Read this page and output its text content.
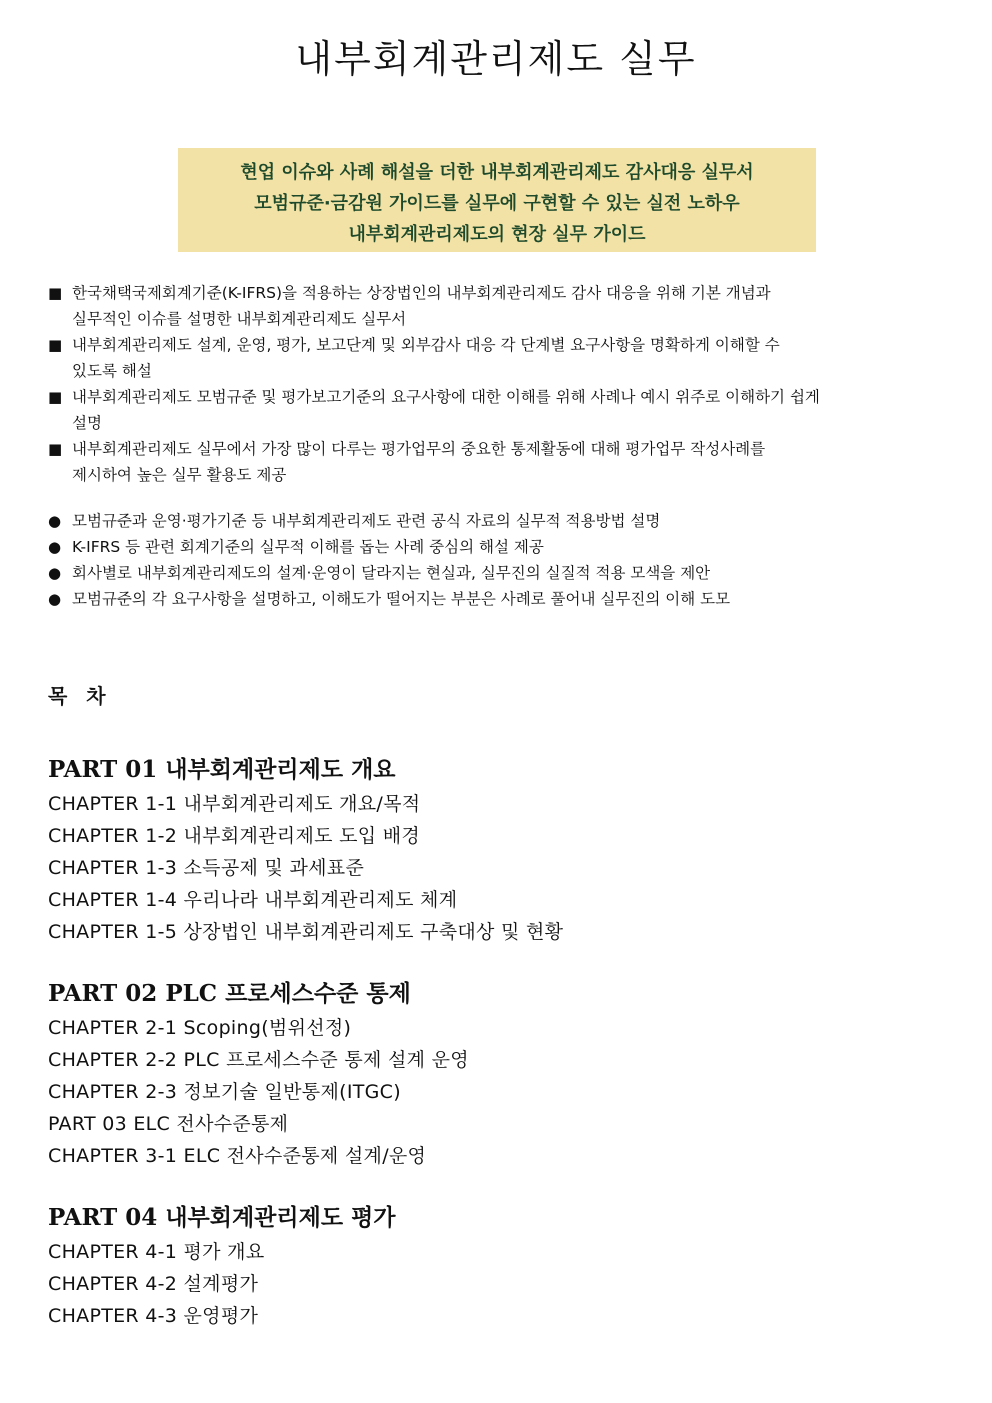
내부회계관리제도 실무
현업 이슈와 사례 해설을 더한 내부회계관리제도 감사대응 실무서
모범규준·금감원 가이드를 실무에 구현할 수 있는 실전 노하우
내부회계관리제도의 현장 실무 가이드
■ 한국채택국제회계기준(K-IFRS)을 적용하는 상장법인의 내부회계관리제도 감사 대응을 위해 기본 개념과
실무적인 이슈를 설명한 내부회계관리제도 실무서
■ 내부회계관리제도 설계, 운영, 평가, 보고단계 및 외부감사 대응 각 단계별 요구사항을 명확하게 이해할 수
있도록 해설
■ 내부회계관리제도 모범규준 및 평가보고기준의 요구사항에 대한 이해를 위해 사례나 예시 위주로 이해하기 쉽게
설명
■ 내부회계관리제도 실무에서 가장 많이 다루는 평가업무의 중요한 통제활동에 대해 평가업무 작성사례를
제시하여 높은 실무 활용도 제공
● 모범규준과 운영·평가기준 등 내부회계관리제도 관련 공식 자료의 실무적 적용방법 설명
● K-IFRS 등 관련 회계기준의 실무적 이해를 돕는 사례 중심의 해설 제공
● 회사별로 내부회계관리제도의 설계·운영이 달라지는 현실과, 실무진의 실질적 적용 모색을 제안
● 모범규준의 각 요구사항을 설명하고, 이해도가 떨어지는 부분은 사례로 풀어내 실무진의 이해 도모
목 차
PART 01 내부회계관리제도 개요
CHAPTER 1-1 내부회계관리제도 개요/목적
CHAPTER 1-2 내부회계관리제도 도입 배경
CHAPTER 1-3 소득공제 및 과세표준
CHAPTER 1-4 우리나라 내부회계관리제도 체계
CHAPTER 1-5 상장법인 내부회계관리제도 구축대상 및 현황
PART 02 PLC 프로세스수준 통제
CHAPTER 2-1 Scoping(범위선정)
CHAPTER 2-2 PLC 프로세스수준 통제 설계 운영
CHAPTER 2-3 정보기술 일반통제(ITGC)
PART 03 ELC 전사수준통제
CHAPTER 3-1 ELC 전사수준통제 설계/운영
PART 04 내부회계관리제도 평가
CHAPTER 4-1 평가 개요
CHAPTER 4-2 설계평가
CHAPTER 4-3 운영평가
